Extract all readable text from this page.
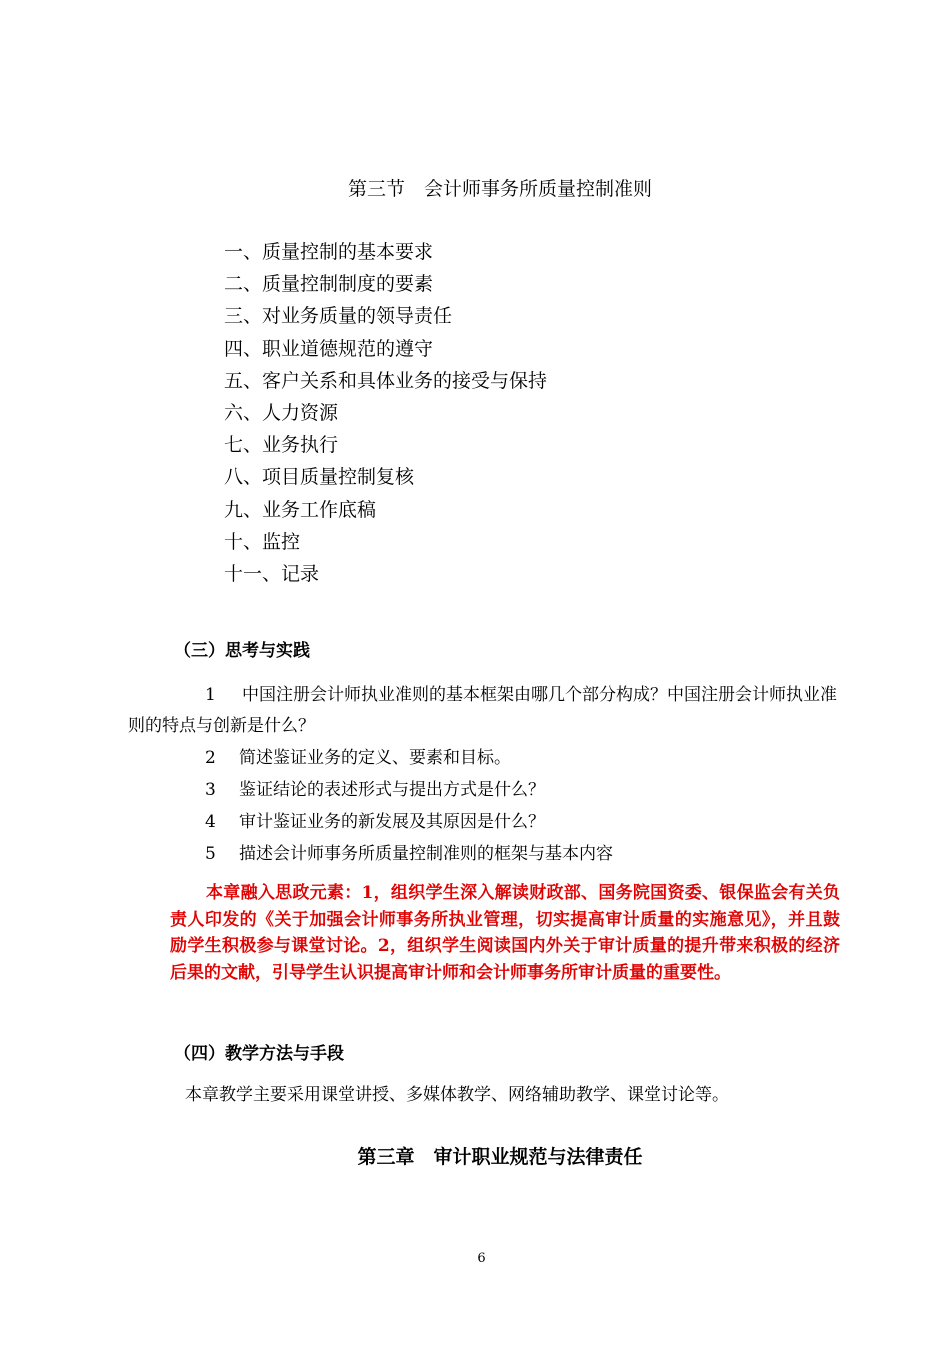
第三节　会计师事务所质量控制准则
一、质量控制的基本要求
二、质量控制制度的要素
三、对业务质量的领导责任
四、职业道德规范的遵守
五、客户关系和具体业务的接受与保持
六、人力资源
七、业务执行
八、项目质量控制复核
九、业务工作底稿
十、监控
十一、记录
（三）思考与实践
1 中国注册会计师执业准则的基本框架由哪几个部分构成？中国注册会计师执业准则的特点与创新是什么？
2 简述鉴证业务的定义、要素和目标。
3 鉴证结论的表述形式与提出方式是什么？
4 审计鉴证业务的新发展及其原因是什么？
5 描述会计师事务所质量控制准则的框架与基本内容
本章融入思政元素：1，组织学生深入解读财政部、国务院国资委、银保监会有关负责人印发的《关于加强会计师事务所执业管理，切实提高审计质量的实施意见》，并且鼓励学生积极参与课堂讨论。2，组织学生阅读国内外关于审计质量的提升带来积极的经济后果的文献，引导学生认识提高审计师和会计师事务所审计质量的重要性。
（四）教学方法与手段
本章教学主要采用课堂讲授、多媒体教学、网络辅助教学、课堂讨论等。
第三章　审计职业规范与法律责任
6
